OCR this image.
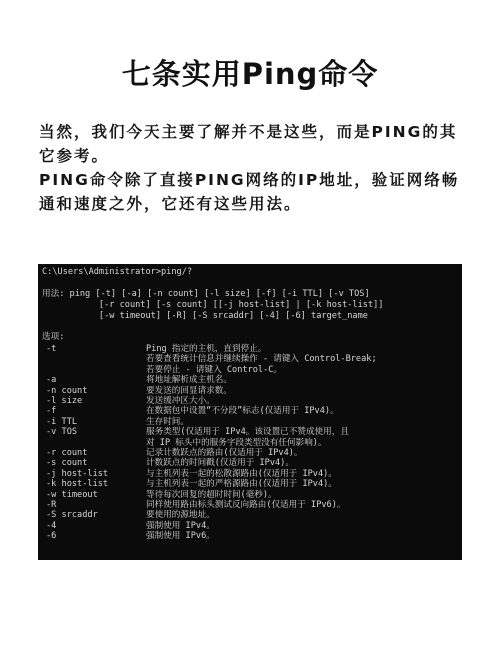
七条实用Ping命令

当然，我们今天主要了解并不是这些，而是PING的其它参考。

PING命令除了直接PING网络的IP地址，验证网络畅通和速度之外，它还有这些用法。

C:\Users\Administrator>ping/?
用法: ping [-t] [-a] [-n count] [-l size] [-f] [-i TTL] [-v TOS]
[-r count] [-s count] [[-j host-list] | [-k host-list]]
[-w timeout] [-R] [-S srcaddr] [-4] [-6] target_name
选项:
-t	Ping 指定的主机，直到停止。
若要查看统计信息并继续操作 - 请键入 Control-Break;
若要停止 - 请键入 Control-C。
-a	将地址解析成主机名。
-n count	要发送的回显请求数。
-l size	发送缓冲区大小。
-f	在数据包中设置“不分段”标志(仅适用于 IPv4)。
-i TTL	生存时间。
-v TOS	服务类型(仅适用于 IPv4。该设置已不赞成使用，且
对 IP 标头中的服务字段类型没有任何影响)。
-r count	记录计数跃点的路由(仅适用于 IPv4)。
-s count	计数跃点的时间戳(仅适用于 IPv4)。
-j host-list	与主机列表一起的松散源路由(仅适用于 IPv4)。
-k host-list	与主机列表一起的严格源路由(仅适用于 IPv4)。
-w timeout	等待每次回复的超时时间(毫秒)。
-R	同样使用路由标头测试反向路由(仅适用于 IPv6)。
-S srcaddr	要使用的源地址。
-4	强制使用 IPv4。
-6	强制使用 IPv6。
